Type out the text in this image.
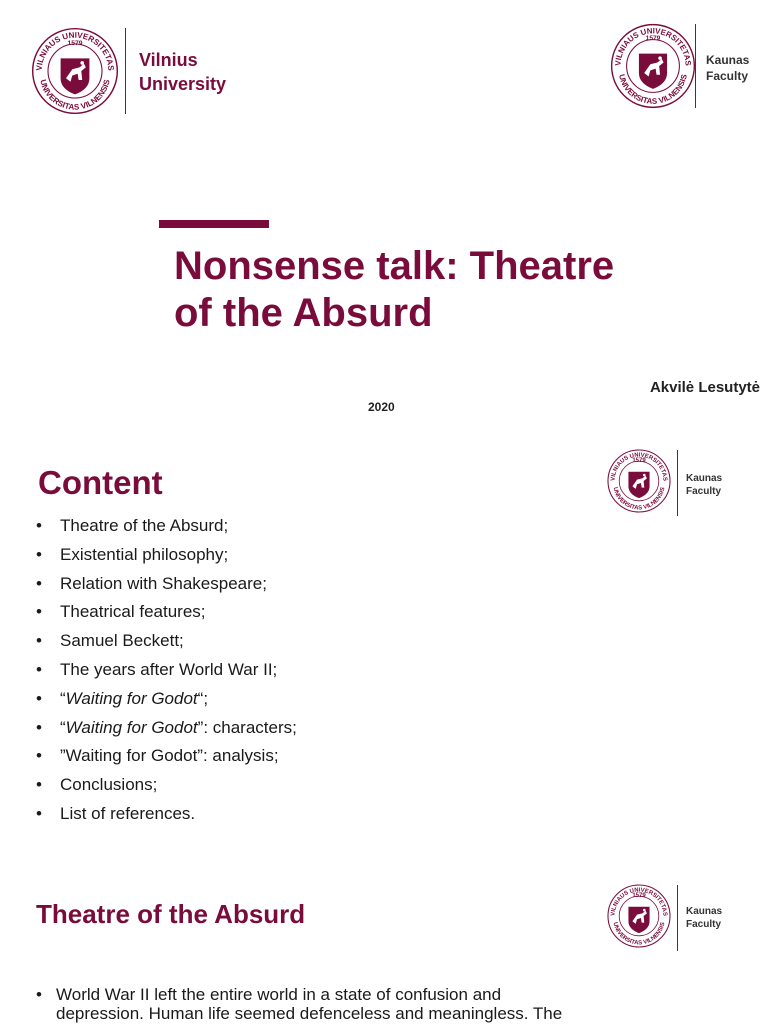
VILNIAUS UNIVERSITETAS
UNIVERSITAS VILNENSIS
1579
Vilnius
University
VILNIAUS UNIVERSITETAS
UNIVERSITAS VILNENSIS
1579
Kaunas
Faculty
Nonsense talk: Theatre
of the Absurd
Akvilė Lesutytė
2020
Content	VILNIAUS UNIVERSITETAS
UNIVERSITAS VILNENSIS
1579
Kaunas
Faculty
• Theatre of the Absurd;
• Existential philosophy;
• Relation with Shakespeare;
• Theatrical features;
• Samuel Beckett;
• The years after World War II;
• “Waiting for Godot“;
• “Waiting for Godot”: characters;
• ”Waiting for Godot”: analysis;
• Conclusions;
• List of references.
Theatre of the Absurd	VILNIAUS UNIVERSITETAS
UNIVERSITAS VILNENSIS
1579
Kaunas
Faculty
• World War II left the entire world in a state of confusion and
depression. Human life seemed defenceless and meaningless. The
